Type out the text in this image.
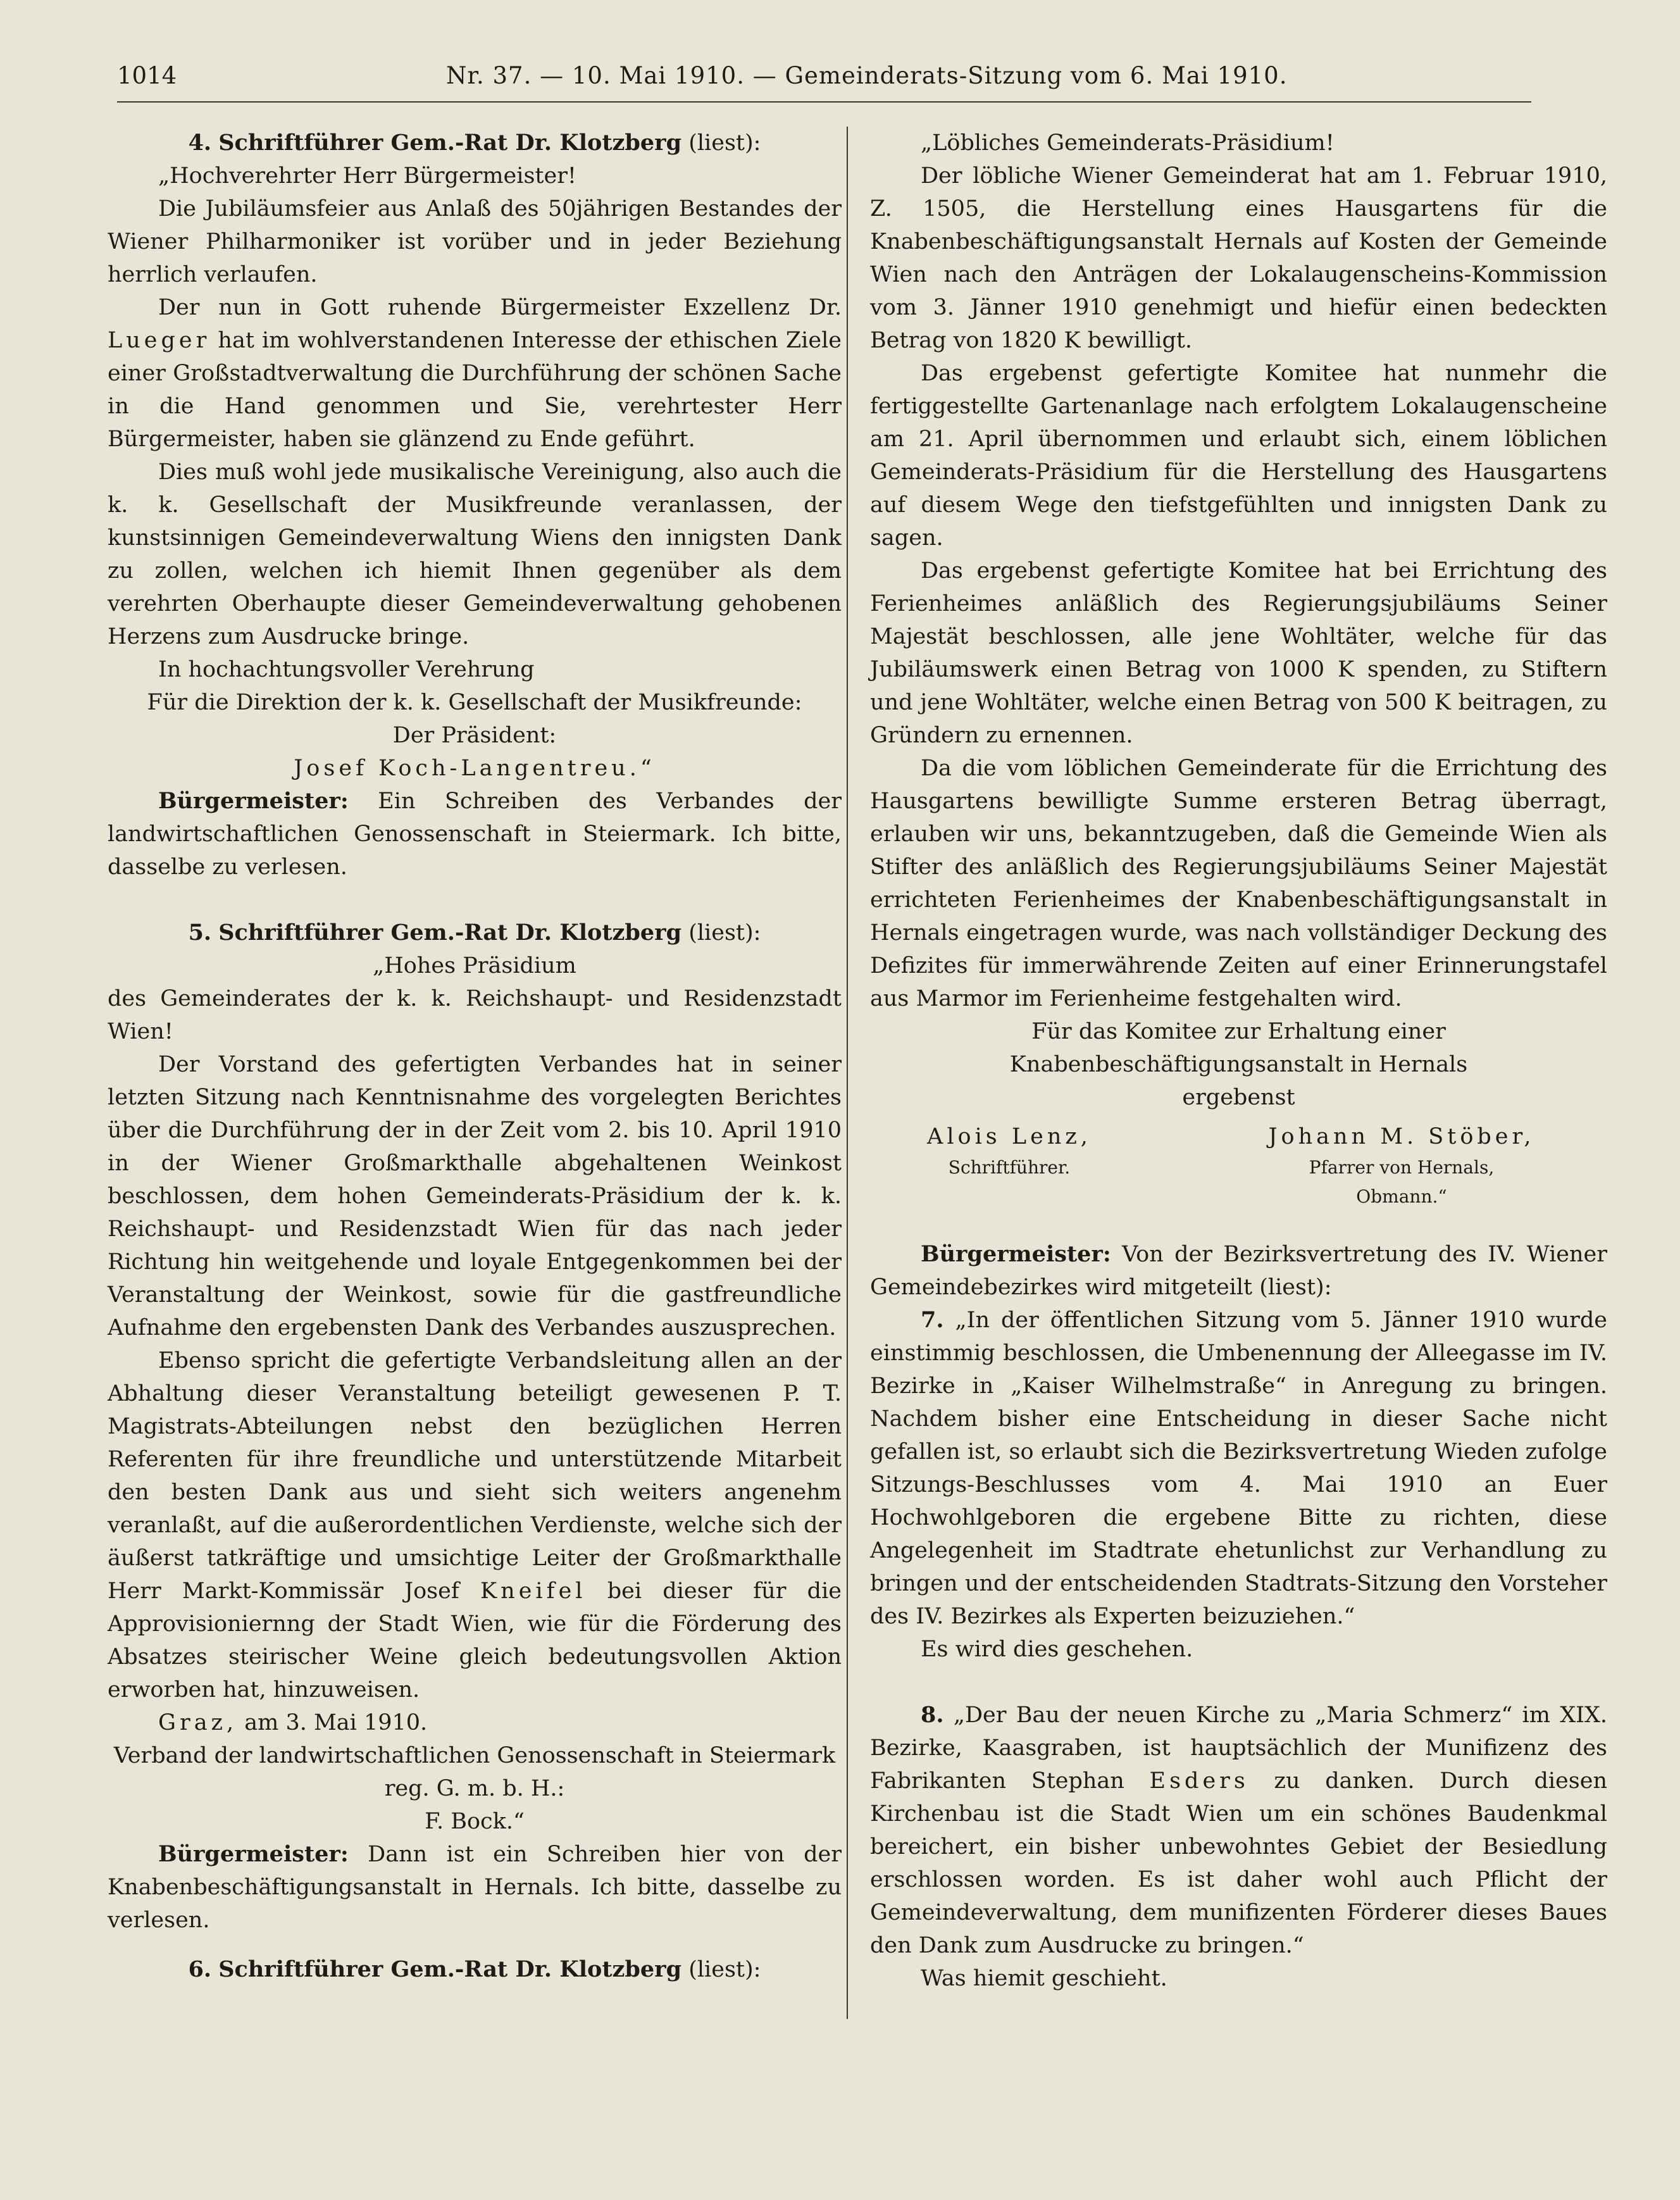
1014	Nr. 37. — 10. Mai 1910. — Gemeinderats-Sitzung vom 6. Mai 1910.

4. Schriftführer Gem.-Rat Dr. Klotzberg (liest):

„Hochverehrter Herr Bürgermeister!

Die Jubiläumsfeier aus Anlaß des 50jährigen Bestandes der Wiener Philharmoniker ist vorüber und in jeder Beziehung herrlich verlaufen.

Der nun in Gott ruhende Bürgermeister Exzellenz Dr. Lueger hat im wohlverstandenen Interesse der ethischen Ziele einer Großstadtverwaltung die Durchführung der schönen Sache in die Hand genommen und Sie, verehrtester Herr Bürgermeister, haben sie glänzend zu Ende geführt.

Dies muß wohl jede musikalische Vereinigung, also auch die k. k. Gesellschaft der Musikfreunde veranlassen, der kunstsinnigen Gemeindeverwaltung Wiens den innigsten Dank zu zollen, welchen ich hiemit Ihnen gegenüber als dem verehrten Oberhaupte dieser Gemeindeverwaltung gehobenen Herzens zum Ausdrucke bringe.

In hochachtungsvoller Verehrung

Für die Direktion der k. k. Gesellschaft der Musikfreunde:

Der Präsident:

Josef Koch-Langentreu.“

Bürgermeister: Ein Schreiben des Verbandes der landwirtschaftlichen Genossenschaft in Steiermark. Ich bitte, dasselbe zu verlesen.

5. Schriftführer Gem.-Rat Dr. Klotzberg (liest):

„Hohes Präsidium

des Gemeinderates der k. k. Reichshaupt- und Residenzstadt Wien!

Der Vorstand des gefertigten Verbandes hat in seiner letzten Sitzung nach Kenntnisnahme des vorgelegten Berichtes über die Durchführung der in der Zeit vom 2. bis 10. April 1910 in der Wiener Großmarkthalle abgehaltenen Weinkost beschlossen, dem hohen Gemeinderats-Präsidium der k. k. Reichshaupt- und Residenzstadt Wien für das nach jeder Richtung hin weitgehende und loyale Entgegenkommen bei der Veranstaltung der Weinkost, sowie für die gastfreundliche Aufnahme den ergebensten Dank des Verbandes auszusprechen.

Ebenso spricht die gefertigte Verbandsleitung allen an der Abhaltung dieser Veranstaltung beteiligt gewesenen P. T. Magistrats-Abteilungen nebst den bezüglichen Herren Referenten für ihre freundliche und unterstützende Mitarbeit den besten Dank aus und sieht sich weiters angenehm veranlaßt, auf die außerordentlichen Verdienste, welche sich der äußerst tatkräftige und umsichtige Leiter der Großmarkthalle Herr Markt-Kommissär Josef Kneifel bei dieser für die Approvisioniernng der Stadt Wien, wie für die Förderung des Absatzes steirischer Weine gleich bedeutungsvollen Aktion erworben hat, hinzuweisen.

Graz, am 3. Mai 1910.

Verband der landwirtschaftlichen Genossenschaft in Steiermark

reg. G. m. b. H.:

F. Bock.“

Bürgermeister: Dann ist ein Schreiben hier von der Knabenbeschäftigungsanstalt in Hernals. Ich bitte, dasselbe zu verlesen.

6. Schriftführer Gem.-Rat Dr. Klotzberg (liest):

„Löbliches Gemeinderats-Präsidium!

Der löbliche Wiener Gemeinderat hat am 1. Februar 1910, Z. 1505, die Herstellung eines Hausgartens für die Knabenbeschäftigungsanstalt Hernals auf Kosten der Gemeinde Wien nach den Anträgen der Lokalaugenscheins-Kommission vom 3. Jänner 1910 genehmigt und hiefür einen bedeckten Betrag von 1820 K bewilligt.

Das ergebenst gefertigte Komitee hat nunmehr die fertiggestellte Gartenanlage nach erfolgtem Lokalaugenscheine am 21. April übernommen und erlaubt sich, einem löblichen Gemeinderats-Präsidium für die Herstellung des Hausgartens auf diesem Wege den tiefstgefühlten und innigsten Dank zu sagen.

Das ergebenst gefertigte Komitee hat bei Errichtung des Ferienheimes anläßlich des Regierungsjubiläums Seiner Majestät beschlossen, alle jene Wohltäter, welche für das Jubiläumswerk einen Betrag von 1000 K spenden, zu Stiftern und jene Wohltäter, welche einen Betrag von 500 K beitragen, zu Gründern zu ernennen.

Da die vom löblichen Gemeinderate für die Errichtung des Hausgartens bewilligte Summe ersteren Betrag überragt, erlauben wir uns, bekanntzugeben, daß die Gemeinde Wien als Stifter des anläßlich des Regierungsjubiläums Seiner Majestät errichteten Ferienheimes der Knabenbeschäftigungsanstalt in Hernals eingetragen wurde, was nach vollständiger Deckung des Defizites für immerwährende Zeiten auf einer Erinnerungstafel aus Marmor im Ferienheime festgehalten wird.

Für das Komitee zur Erhaltung einer Knabenbeschäftigungsanstalt in Hernals

ergebenst

Alois Lenz,
Schriftführer.
Johann M. Stöber,
Pfarrer von Hernals,
Obmann.“

Bürgermeister: Von der Bezirksvertretung des IV. Wiener Gemeindebezirkes wird mitgeteilt (liest):

7. „In der öffentlichen Sitzung vom 5. Jänner 1910 wurde einstimmig beschlossen, die Umbenennung der Alleegasse im IV. Bezirke in „Kaiser Wilhelmstraße“ in Anregung zu bringen. Nachdem bisher eine Entscheidung in dieser Sache nicht gefallen ist, so erlaubt sich die Bezirksvertretung Wieden zufolge Sitzungs-Beschlusses vom 4. Mai 1910 an Euer Hochwohlgeboren die ergebene Bitte zu richten, diese Angelegenheit im Stadtrate ehetunlichst zur Verhandlung zu bringen und der entscheidenden Stadtrats-Sitzung den Vorsteher des IV. Bezirkes als Experten beizuziehen.“

Es wird dies geschehen.

8. „Der Bau der neuen Kirche zu „Maria Schmerz“ im XIX. Bezirke, Kaasgraben, ist hauptsächlich der Munifizenz des Fabrikanten Stephan Esders zu danken. Durch diesen Kirchenbau ist die Stadt Wien um ein schönes Baudenkmal bereichert, ein bisher unbewohntes Gebiet der Besiedlung erschlossen worden. Es ist daher wohl auch Pflicht der Gemeindeverwaltung, dem munifizenten Förderer dieses Baues den Dank zum Ausdrucke zu bringen.“

Was hiemit geschieht.
